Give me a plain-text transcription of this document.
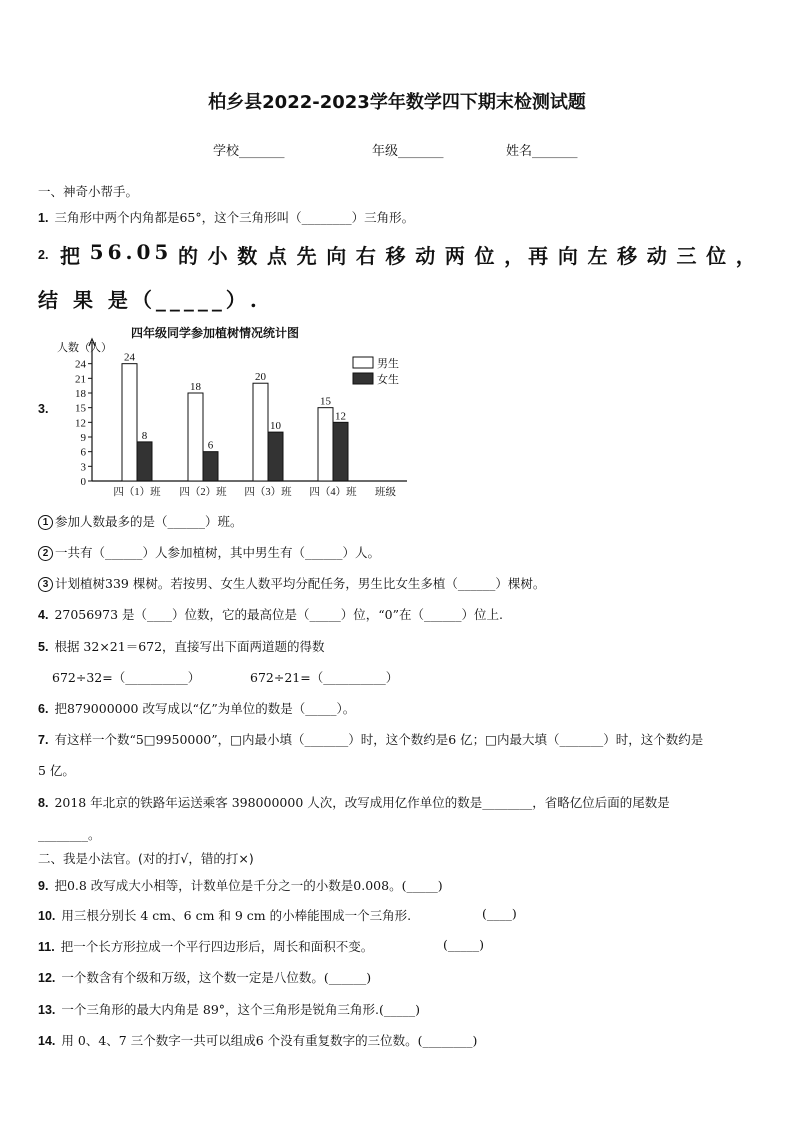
柏乡县2022-2023学年数学四下期末检测试题
学校_______	年级_______	姓名_______
一、神奇小帮手。
1. 三角形中两个内角都是65°，这个三角形叫（________）三角形。
2. 把 56.05 的 小 数 点 先 向 右 移 动 两 位 ，再 向 左 移 动 三 位 ，
结 果 是（_____）.
3.
四年级同学参加植树情况统计图
人数（人）
0
3
6
9
12
15
18
21
24
24
8
四（1）班
18
6
四（2）班
20
10
四（3）班
15
12
四（4）班 班级
男生
女生
1 参加人数最多的是（______）班。
2 一共有（______）人参加植树，其中男生有（______）人。
3 计划植树339 棵树。若按男、女生人数平均分配任务，男生比女生多植（______）棵树。
4. 27056973 是（____）位数，它的最高位是（_____）位，“0”在（______）位上.
5. 根据 32×21＝672，直接写出下面两道题的得数
672÷32=（__________）	672÷21=（__________）
6. 把879000000 改写成以“亿”为单位的数是（_____）。
7. 有这样一个数“5□9950000”，□内最小填（_______）时，这个数约是6 亿；□内最大填（_______）时，这个数约是
5 亿。
8. 2018 年北京的铁路年运送乘客 398000000 人次，改写成用亿作单位的数是________，省略亿位后面的尾数是
________。
二、我是小法官。(对的打√，错的打×)
9. 把0.8 改写成大小相等，计数单位是千分之一的小数是0.008。(_____)
10. 用三根分别长 4 cm、6 cm 和 9 cm 的小棒能围成一个三角形.	(____)
11. 把一个长方形拉成一个平行四边形后，周长和面积不变。	(_____)
12. 一个数含有个级和万级，这个数一定是八位数。(______)
13. 一个三角形的最大内角是 89°，这个三角形是锐角三角形.(_____)
14. 用 0、4、7 三个数字一共可以组成6 个没有重复数字的三位数。(________)
